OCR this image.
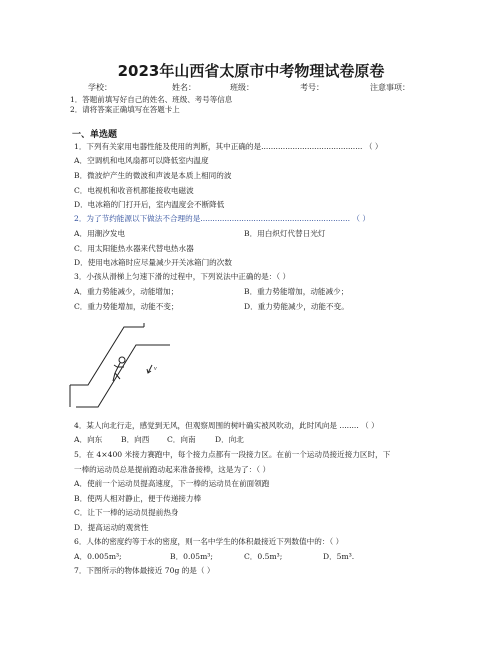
2023年山西省太原市中考物理试卷原卷
学校：	姓名：	班级：	考号：	注意事项：
1．答题前填写好自己的姓名、班级、考号等信息
2．请将答案正确填写在答题卡上
一、单选题
1．下列有关家用电器性能及使用的判断，其中正确的是.......................................... （ ）
A．空调机和电风扇都可以降低室内温度
B．微波炉产生的微波和声波是本质上相同的波
C．电视机和收音机都能接收电磁波
D．电冰箱的门打开后，室内温度会不断降低
2．为了节约能源以下做法不合理的是.............................................................. （ ）
A．用潮汐发电	B．用白炽灯代替日光灯
C．用太阳能热水器来代替电热水器
D．使用电冰箱时应尽量减少开关冰箱门的次数
3．小孩从滑梯上匀速下滑的过程中，下列说法中正确的是：（ ）
A．重力势能减少，动能增加；	B．重力势能增加，动能减少；
C．重力势能增加，动能不变；	D．重力势能减少，动能不变。
v
4．某人向北行走，感觉到无风，但观察周围的树叶确实被风吹动，此时风向是 ........ （ ）
A．向东 B．向西 C．向南	D．向北
5．在 4×400 米接力赛跑中，每个接力点都有一段接力区。在前一个运动员接近接力区时，下
一棒的运动员总是提前跑动起来准备接棒，这是为了：（ ）
A．使前一个运动员提高速度，下一棒的运动员在前面领跑
B．使两人相对静止，便于传递接力棒
C．让下一棒的运动员提前热身
D．提高运动的观赏性
6．人体的密度约等于水的密度，则一名中学生的体积最接近下列数值中的：（ ）
A．0.005m³;	B．0.05m³;	C．0.5m³;	D．5m³.
7．下图所示的物体最接近 70g 的是（ ）
